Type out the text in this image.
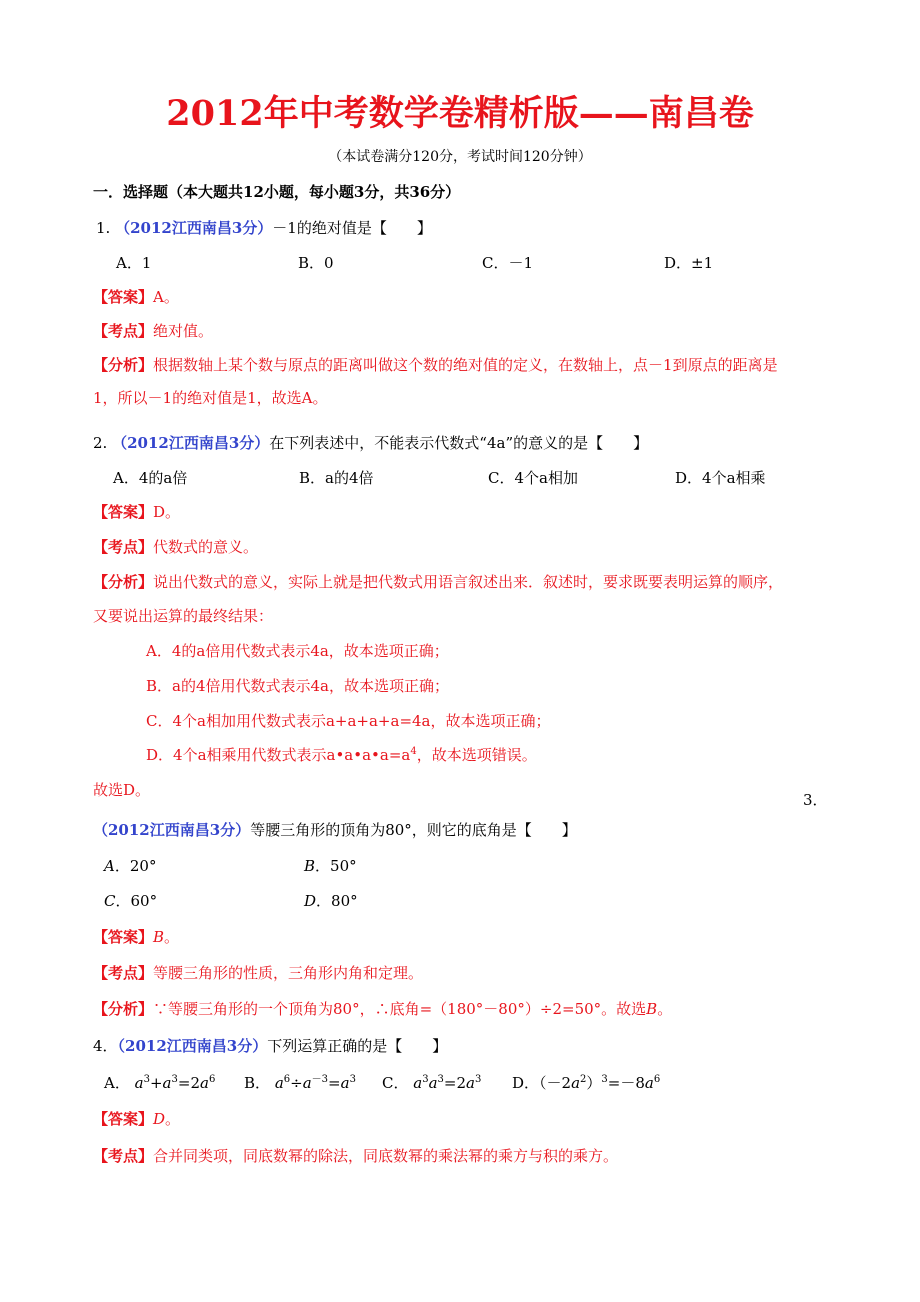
2012年中考数学卷精析版——南昌卷
（本试卷满分120分，考试时间120分钟）
一．选择题（本大题共12小题，每小题3分，共36分）
1. （2012江西南昌3分）－1的绝对值是【　　】
A．1	B．0	C．－1	D．±1
【答案】A。
【考点】绝对值。
【分析】根据数轴上某个数与原点的距离叫做这个数的绝对值的定义，在数轴上，点－1到原点的距离是
1，所以－1的绝对值是1，故选A。
2. （2012江西南昌3分）在下列表述中，不能表示代数式“4a”的意义的是【　　】
A．4的a倍	B．a的4倍	C．4个a相加	D．4个a相乘
【答案】D。
【考点】代数式的意义。
【分析】说出代数式的意义，实际上就是把代数式用语言叙述出来．叙述时，要求既要表明运算的顺序，
又要说出运算的最终结果：
A．4的a倍用代数式表示4a，故本选项正确；
B．a的4倍用代数式表示4a，故本选项正确；
C．4个a相加用代数式表示a+a+a+a=4a，故本选项正确；
D．4个a相乘用代数式表示$a•a•a•a=a^4$，故本选项错误。
故选D。
3．
（2012江西南昌3分）等腰三角形的顶角为80°，则它的底角是【　　】
A．20°	B．50°
C．60°	D．80°
【答案】B。
【考点】等腰三角形的性质，三角形内角和定理。
【分析】∵等腰三角形的一个顶角为80°，∴底角=（180°－80°）÷2=50°。故选B。
4．（2012江西南昌3分）下列运算正确的是【　　】
A． $a^3+a^3=2a^6$ B． $a^6\div a^{-3}=a^3$ C． $a^3a^3=2a^3$ D．$(-2a^2)^3=-8a^6$
【答案】D。
【考点】合并同类项，同底数幂的除法，同底数幂的乘法幂的乘方与积的乘方。
